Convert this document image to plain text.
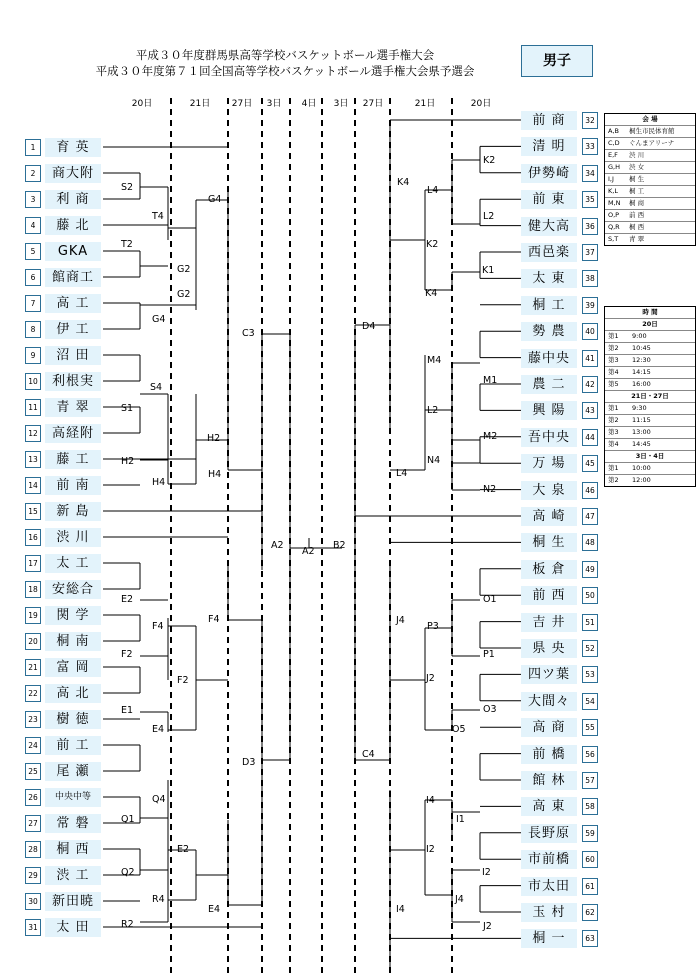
平成３０年度群馬県高等学校バスケットボール選手権大会
平成３０年度第７１回全国高等学校バスケットボール選手権大会県予選会
男子
会 場
A,B 桐生市民体育館
C,D ぐんまアリーナ
E,F 渋 川
G,H 渋 女
I,J 桐 生
K,L 桐 工
M,N 桐 商
O,P 前 西
Q,R 桐 西
S,T 青 翠
時 間
20日
第1 9:00
第2 10:45
第3 12:30
第4 14:15
第5 16:00
21日・27日
第1 9:30
第2 11:15
第3 13:00
第4 14:45
3日・4日
第1 10:00
第2 12:00
20日	21日	27日	3日	4日	3日	27日	21日	20日
1	育 英
2	商大附
3	利 商
4	藤 北
5	GKA
6	館商工
7	高 工
8	伊 工
9	沼 田
10	利根実
11	青 翠
12	高経附
13	藤 工
14	前 南
15	新 島
16	渋 川
17	太 工
18	安総合
19	関 学
20	桐 南
21	富 岡
22	高 北
23	樹 徳
24	前 工
25	尾 瀬
26	中央中等
27	常 磐
28	桐 西
29	渋 工
30	新田暁
31	太 田
前 商	32
清 明	33
伊勢崎	34
前 東	35
健大高	36
西邑楽	37
太 東	38
桐 工	39
勢 農	40
藤中央	41
農 二	42
興 陽	43
吾中央	44
万 場	45
大 泉	46
高 崎	47
桐 生	48
板 倉	49
前 西	50
吉 井	51
県 央	52
四ツ葉	53
大間々	54
高 商	55
前 橋	56
館 林	57
高 東	58
長野原	59
市前橋	60
市太田	61
玉 村	62
桐 一	63
S2
T4
T2
G2
G4
G4
G2
S4
S1
H2
H2
H4
H4
C3
A2
A2
B2
D3
E2
F4
F2
E1
E4
F4
F2
Q4
Q1
Q2
R4
R2
E2
E4
K2
L4
L2
K2
K1
K4
K4
D4
M4
M1
L2
M2
N4
N2
L4
O1
P3
P1
J4
J2
O3
O5
C4
I4
I1
I2
I2
J4
J2
I4
